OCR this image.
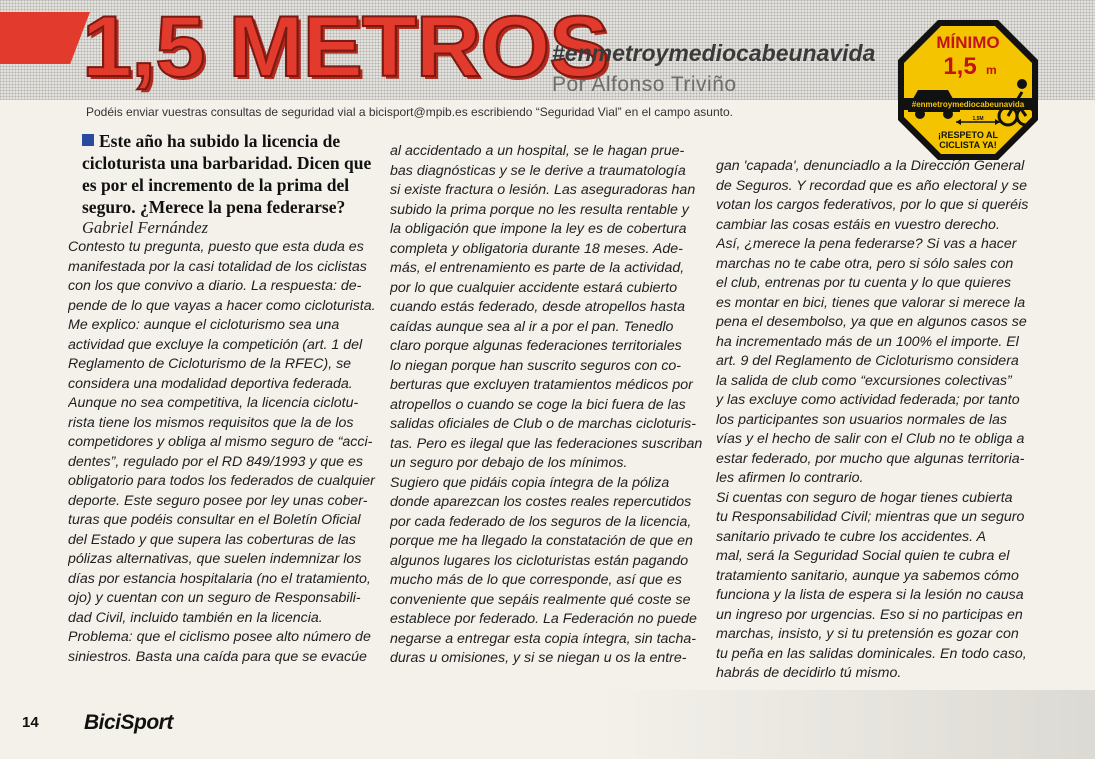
1,5 METROS
#enmetroymediocabeunavida
Por Alfonso Triviño
Podéis enviar vuestras consultas de seguridad vial a bicisport@mpib.es escribiendo “Seguridad Vial” en el campo asunto.
MÍNIMO
1,5 m
#enmetroymediocabeunavida
1,5M
¡RESPETO AL
CICLISTA YA!

Este año ha subido la licencia de
cicloturista una barbaridad. Dicen que
es por el incremento de la prima del
seguro. ¿Merece la pena federarse?

Gabriel Fernández

Contesto tu pregunta, puesto que esta duda es
manifestada por la casi totalidad de los ciclistas
con los que convivo a diario. La respuesta: de-
pende de lo que vayas a hacer como cicloturista.
Me explico: aunque el cicloturismo sea una
actividad que excluye la competición (art. 1 del
Reglamento de Cicloturismo de la RFEC), se
considera una modalidad deportiva federada.
Aunque no sea competitiva, la licencia ciclotu-
rista tiene los mismos requisitos que la de los
competidores y obliga al mismo seguro de “acci-
dentes”, regulado por el RD 849/1993 y que es
obligatorio para todos los federados de cualquier
deporte. Este seguro posee por ley unas cober-
turas que podéis consultar en el Boletín Oficial
del Estado y que supera las coberturas de las
pólizas alternativas, que suelen indemnizar los
días por estancia hospitalaria (no el tratamiento,
ojo) y cuentan con un seguro de Responsabili-
dad Civil, incluido también en la licencia.
Problema: que el ciclismo posee alto número de
siniestros. Basta una caída para que se evacúe
al accidentado a un hospital, se le hagan prue-
bas diagnósticas y se le derive a traumatología
si existe fractura o lesión. Las aseguradoras han
subido la prima porque no les resulta rentable y
la obligación que impone la ley es de cobertura
completa y obligatoria durante 18 meses. Ade-
más, el entrenamiento es parte de la actividad,
por lo que cualquier accidente estará cubierto
cuando estás federado, desde atropellos hasta
caídas aunque sea al ir a por el pan. Tenedlo
claro porque algunas federaciones territoriales
lo niegan porque han suscrito seguros con co-
berturas que excluyen tratamientos médicos por
atropellos o cuando se coge la bici fuera de las
salidas oficiales de Club o de marchas cicloturis-
tas. Pero es ilegal que las federaciones suscriban
un seguro por debajo de los mínimos.
Sugiero que pidáis copia íntegra de la póliza
donde aparezcan los costes reales repercutidos
por cada federado de los seguros de la licencia,
porque me ha llegado la constatación de que en
algunos lugares los cicloturistas están pagando
mucho más de lo que corresponde, así que es
conveniente que sepáis realmente qué coste se
establece por federado. La Federación no puede
negarse a entregar esta copia íntegra, sin tacha-
duras u omisiones, y si se niegan u os la entre-
gan 'capada', denunciadlo a la Dirección General
de Seguros. Y recordad que es año electoral y se
votan los cargos federativos, por lo que si queréis
cambiar las cosas estáis en vuestro derecho.
Así, ¿merece la pena federarse? Si vas a hacer
marchas no te cabe otra, pero si sólo sales con
el club, entrenas por tu cuenta y lo que quieres
es montar en bici, tienes que valorar si merece la
pena el desembolso, ya que en algunos casos se
ha incrementado más de un 100% el importe. El
art. 9 del Reglamento de Cicloturismo considera
la salida de club como “excursiones colectivas”
y las excluye como actividad federada; por tanto
los participantes son usuarios normales de las
vías y el hecho de salir con el Club no te obliga a
estar federado, por mucho que algunas territoria-
les afirmen lo contrario.
Si cuentas con seguro de hogar tienes cubierta
tu Responsabilidad Civil; mientras que un seguro
sanitario privado te cubre los accidentes. A
mal, será la Seguridad Social quien te cubra el
tratamiento sanitario, aunque ya sabemos cómo
funciona y la lista de espera si la lesión no causa
un ingreso por urgencias. Eso si no participas en
marchas, insisto, y si tu pretensión es gozar con
tu peña en las salidas dominicales. En todo caso,
habrás de decidirlo tú mismo.
14 BiciSport
